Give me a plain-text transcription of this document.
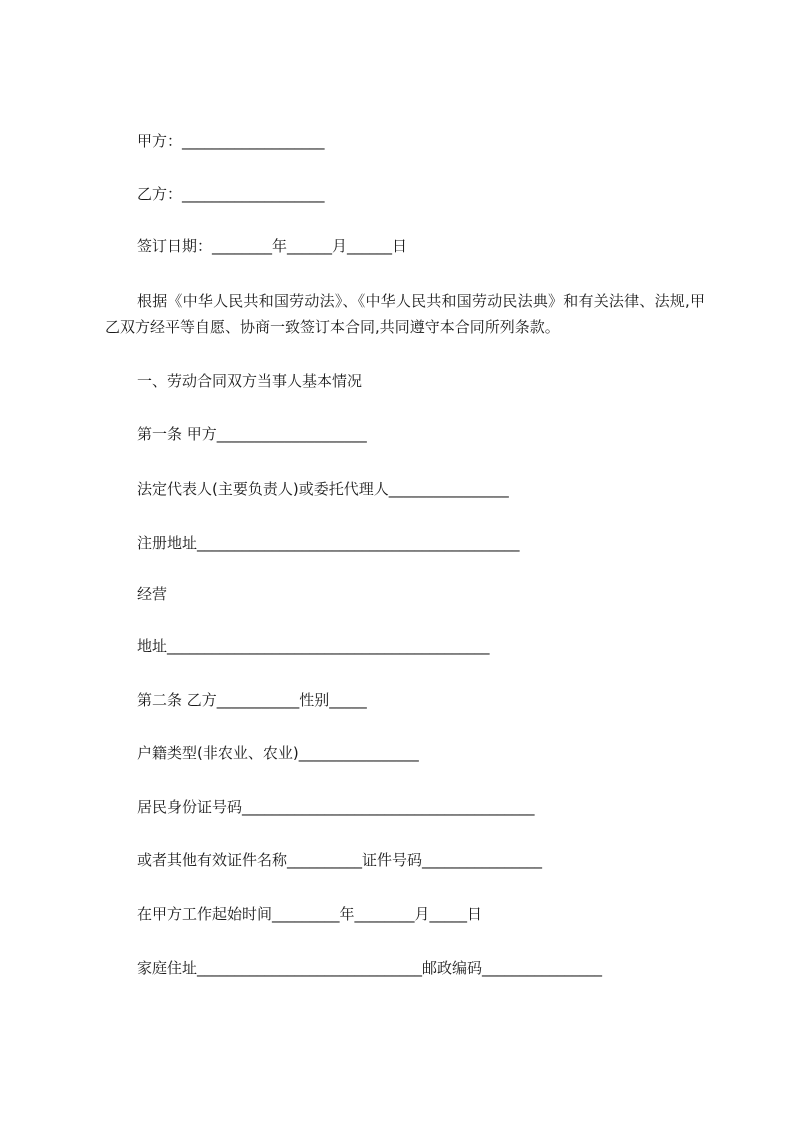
甲方：___________________
乙方：___________________
签订日期：________年______月______日
根据《中华人民共和国劳动法》、《中华人民共和国劳动民法典》和有关法律、法规,甲乙双方经平等自愿、协商一致签订本合同,共同遵守本合同所列条款。
一、劳动合同双方当事人基本情况
第一条 甲方____________________
法定代表人(主要负责人)或委托代理人________________
注册地址___________________________________________
经营
地址___________________________________________
第二条 乙方___________性别_____
户籍类型(非农业、农业)________________
居民身份证号码_______________________________________
或者其他有效证件名称__________证件号码________________
在甲方工作起始时间_________年________月_____日
家庭住址______________________________邮政编码________________
